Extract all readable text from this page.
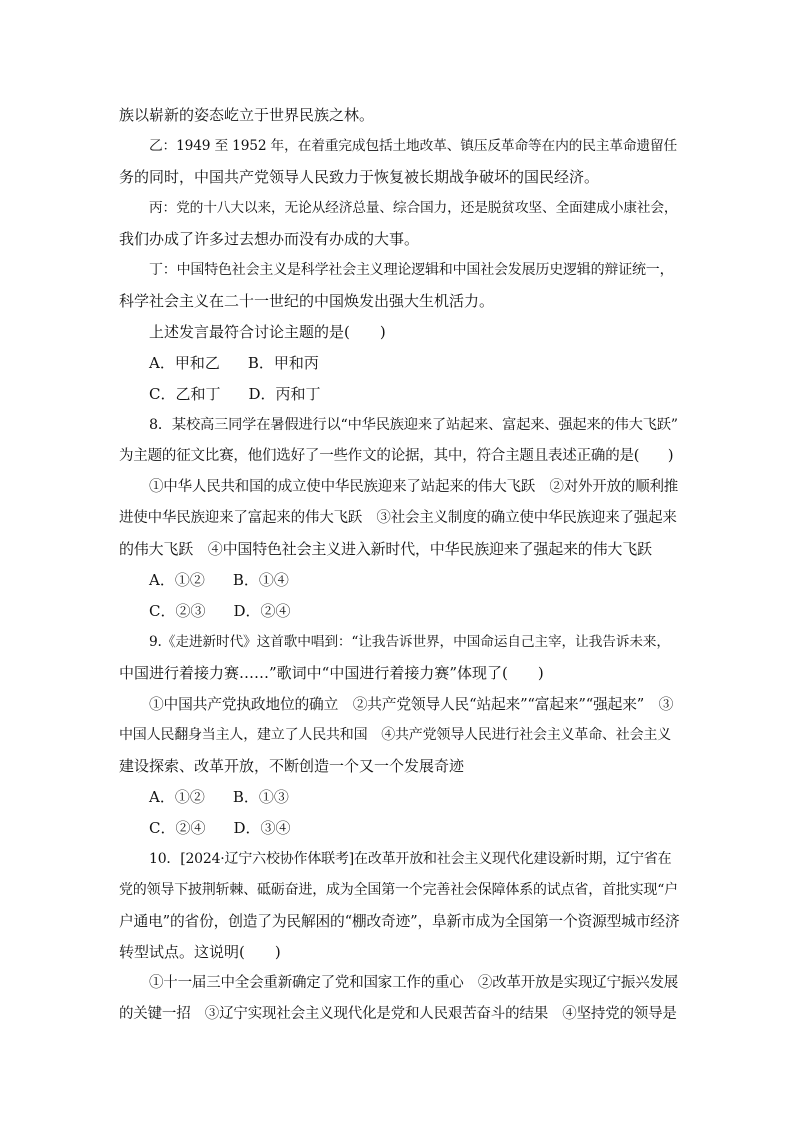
族以崭新的姿态屹立于世界民族之林。
乙：1949 至 1952 年，在着重完成包括土地改革、镇压反革命等在内的民主革命遗留任
务的同时，中国共产党领导人民致力于恢复被长期战争破坏的国民经济。
丙：党的十八大以来，无论从经济总量、综合国力，还是脱贫攻坚、全面建成小康社会，
我们办成了许多过去想办而没有办成的大事。
丁：中国特色社会主义是科学社会主义理论逻辑和中国社会发展历史逻辑的辩证统一，
科学社会主义在二十一世纪的中国焕发出强大生机活力。
上述发言最符合讨论主题的是(　　)
A．甲和乙 B．甲和丙
C．乙和丁 D．丙和丁
8．某校高三同学在暑假进行以“中华民族迎来了站起来、富起来、强起来的伟大飞跃”
为主题的征文比赛，他们选好了一些作文的论据，其中，符合主题且表述正确的是(　　)
①中华人民共和国的成立使中华民族迎来了站起来的伟大飞跃　②对外开放的顺利推
进使中华民族迎来了富起来的伟大飞跃　③社会主义制度的确立使中华民族迎来了强起来
的伟大飞跃　④中国特色社会主义进入新时代，中华民族迎来了强起来的伟大飞跃
A．①② B．①④
C．②③ D．②④
9.《走进新时代》这首歌中唱到：“让我告诉世界，中国命运自己主宰，让我告诉未来，
中国进行着接力赛……”歌词中“中国进行着接力赛”体现了(　　)
①中国共产党执政地位的确立　②共产党领导人民“站起来”“富起来”“强起来”　③
中国人民翻身当主人，建立了人民共和国　④共产党领导人民进行社会主义革命、社会主义
建设探索、改革开放，不断创造一个又一个发展奇迹
A．①② B．①③
C．②④ D．③④
10．[2024·辽宁六校协作体联考]在改革开放和社会主义现代化建设新时期，辽宁省在
党的领导下披荆斩棘、砥砺奋进，成为全国第一个完善社会保障体系的试点省，首批实现“户
户通电”的省份，创造了为民解困的“棚改奇迹”，阜新市成为全国第一个资源型城市经济
转型试点。这说明(　　)
①十一届三中全会重新确定了党和国家工作的重心　②改革开放是实现辽宁振兴发展
的关键一招　③辽宁实现社会主义现代化是党和人民艰苦奋斗的结果　④坚持党的领导是
